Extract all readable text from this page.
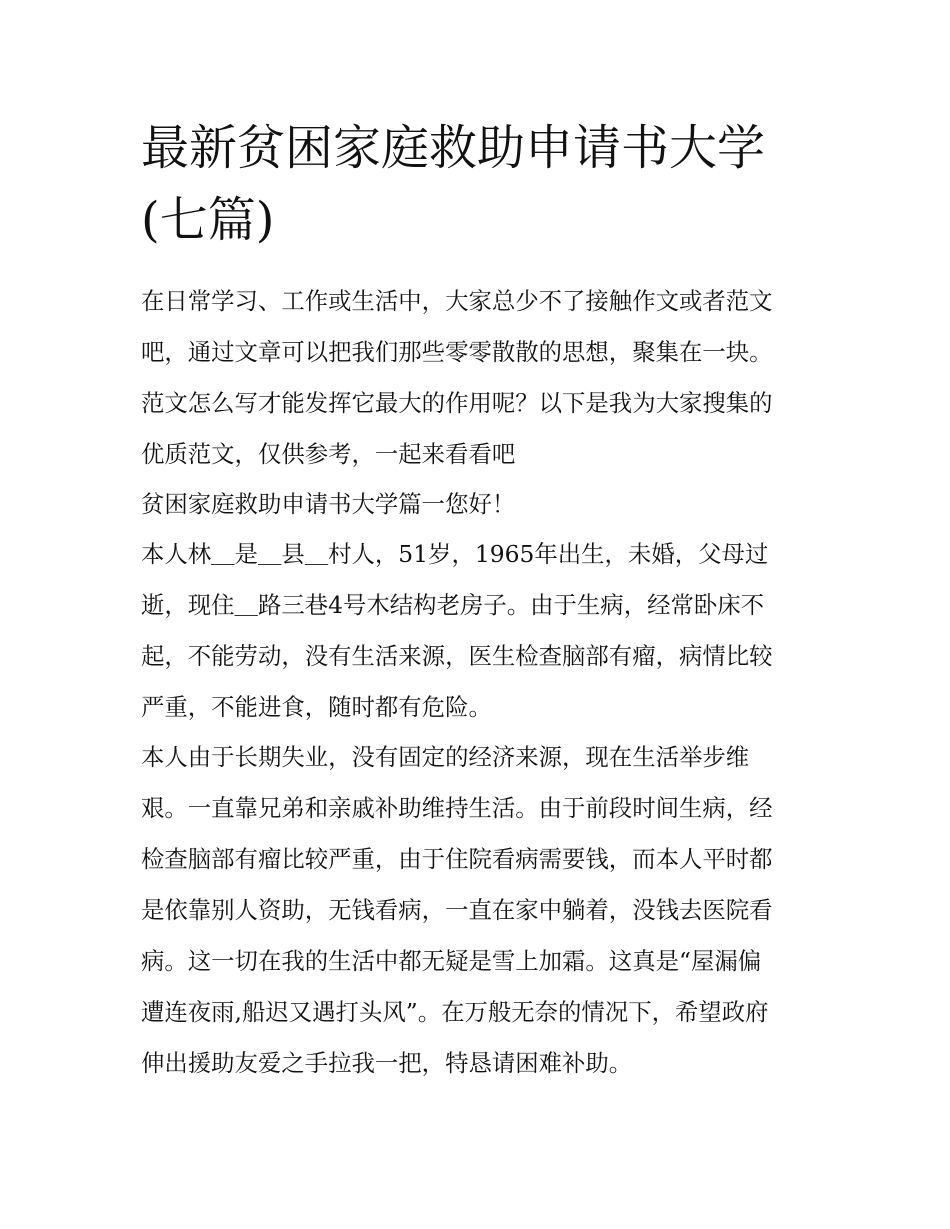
最新贫困家庭救助申请书大学
(七篇)
在日常学习、工作或生活中，大家总少不了接触作文或者范文
吧，通过文章可以把我们那些零零散散的思想，聚集在一块。
范文怎么写才能发挥它最大的作用呢？以下是我为大家搜集的
优质范文，仅供参考，一起来看看吧
贫困家庭救助申请书大学篇一您好！
本人林＿是＿县＿村人，51岁，1965年出生，未婚，父母过
逝，现住＿路三巷4号木结构老房子。由于生病，经常卧床不
起，不能劳动，没有生活来源，医生检查脑部有瘤，病情比较
严重，不能进食，随时都有危险。
本人由于长期失业，没有固定的经济来源，现在生活举步维
艰。一直靠兄弟和亲戚补助维持生活。由于前段时间生病，经
检查脑部有瘤比较严重，由于住院看病需要钱，而本人平时都
是依靠别人资助，无钱看病，一直在家中躺着，没钱去医院看
病。这一切在我的生活中都无疑是雪上加霜。这真是“屋漏偏
遭连夜雨,船迟又遇打头风”。在万般无奈的情况下，希望政府
伸出援助友爱之手拉我一把，特恳请困难补助。
